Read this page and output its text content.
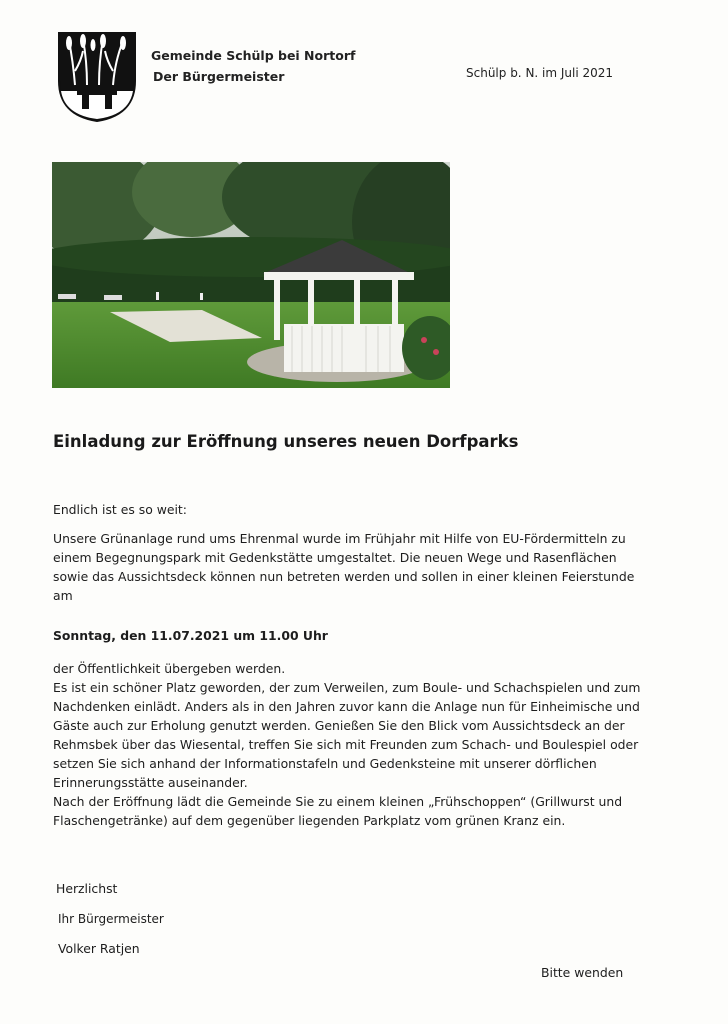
Gemeinde Schülp bei Nortorf
Der Bürgermeister	Schülp b. N. im Juli 2021
Einladung zur Eröffnung unseres neuen Dorfparks
Endlich ist es so weit:
Unsere Grünanlage rund ums Ehrenmal wurde im Frühjahr mit Hilfe von EU-Fördermitteln zu
einem Begegnungspark mit Gedenkstätte umgestaltet. Die neuen Wege und Rasenflächen
sowie das Aussichtsdeck können nun betreten werden und sollen in einer kleinen Feierstunde
am
Sonntag, den 11.07.2021 um 11.00 Uhr
der Öffentlichkeit übergeben werden.
Es ist ein schöner Platz geworden, der zum Verweilen, zum Boule- und Schachspielen und zum
Nachdenken einlädt. Anders als in den Jahren zuvor kann die Anlage nun für Einheimische und
Gäste auch zur Erholung genutzt werden. Genießen Sie den Blick vom Aussichtsdeck an der
Rehmsbek über das Wiesental, treffen Sie sich mit Freunden zum Schach- und Boulespiel oder
setzen Sie sich anhand der Informationstafeln und Gedenksteine mit unserer dörflichen
Erinnerungsstätte auseinander.
Nach der Eröffnung lädt die Gemeinde Sie zu einem kleinen „Frühschoppen“ (Grillwurst und
Flaschengetränke) auf dem gegenüber liegenden Parkplatz vom grünen Kranz ein.
Herzlichst
Ihr Bürgermeister
Volker Ratjen
Bitte wenden
